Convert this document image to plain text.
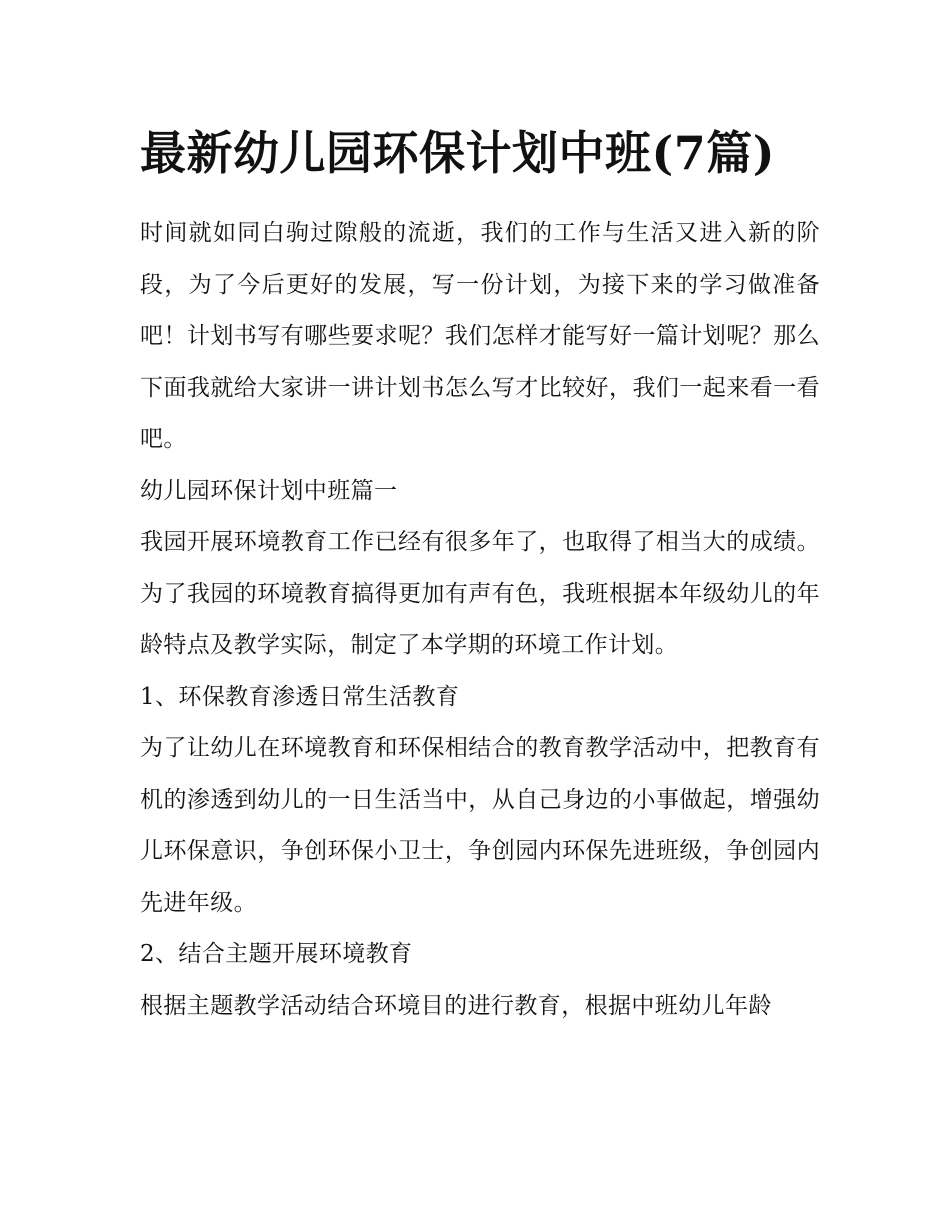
最新幼儿园环保计划中班(7篇)

时间就如同白驹过隙般的流逝，我们的工作与生活又进入新的阶段，为了今后更好的发展，写一份计划，为接下来的学习做准备吧！计划书写有哪些要求呢？我们怎样才能写好一篇计划呢？那么下面我就给大家讲一讲计划书怎么写才比较好，我们一起来看一看吧。

幼儿园环保计划中班篇一

我园开展环境教育工作已经有很多年了，也取得了相当大的成绩。为了我园的环境教育搞得更加有声有色，我班根据本年级幼儿的年龄特点及教学实际，制定了本学期的环境工作计划。

1、环保教育渗透日常生活教育

为了让幼儿在环境教育和环保相结合的教育教学活动中，把教育有机的渗透到幼儿的一日生活当中，从自己身边的小事做起，增强幼儿环保意识，争创环保小卫士，争创园内环保先进班级，争创园内先进年级。

2、结合主题开展环境教育

根据主题教学活动结合环境目的进行教育，根据中班幼儿年龄
